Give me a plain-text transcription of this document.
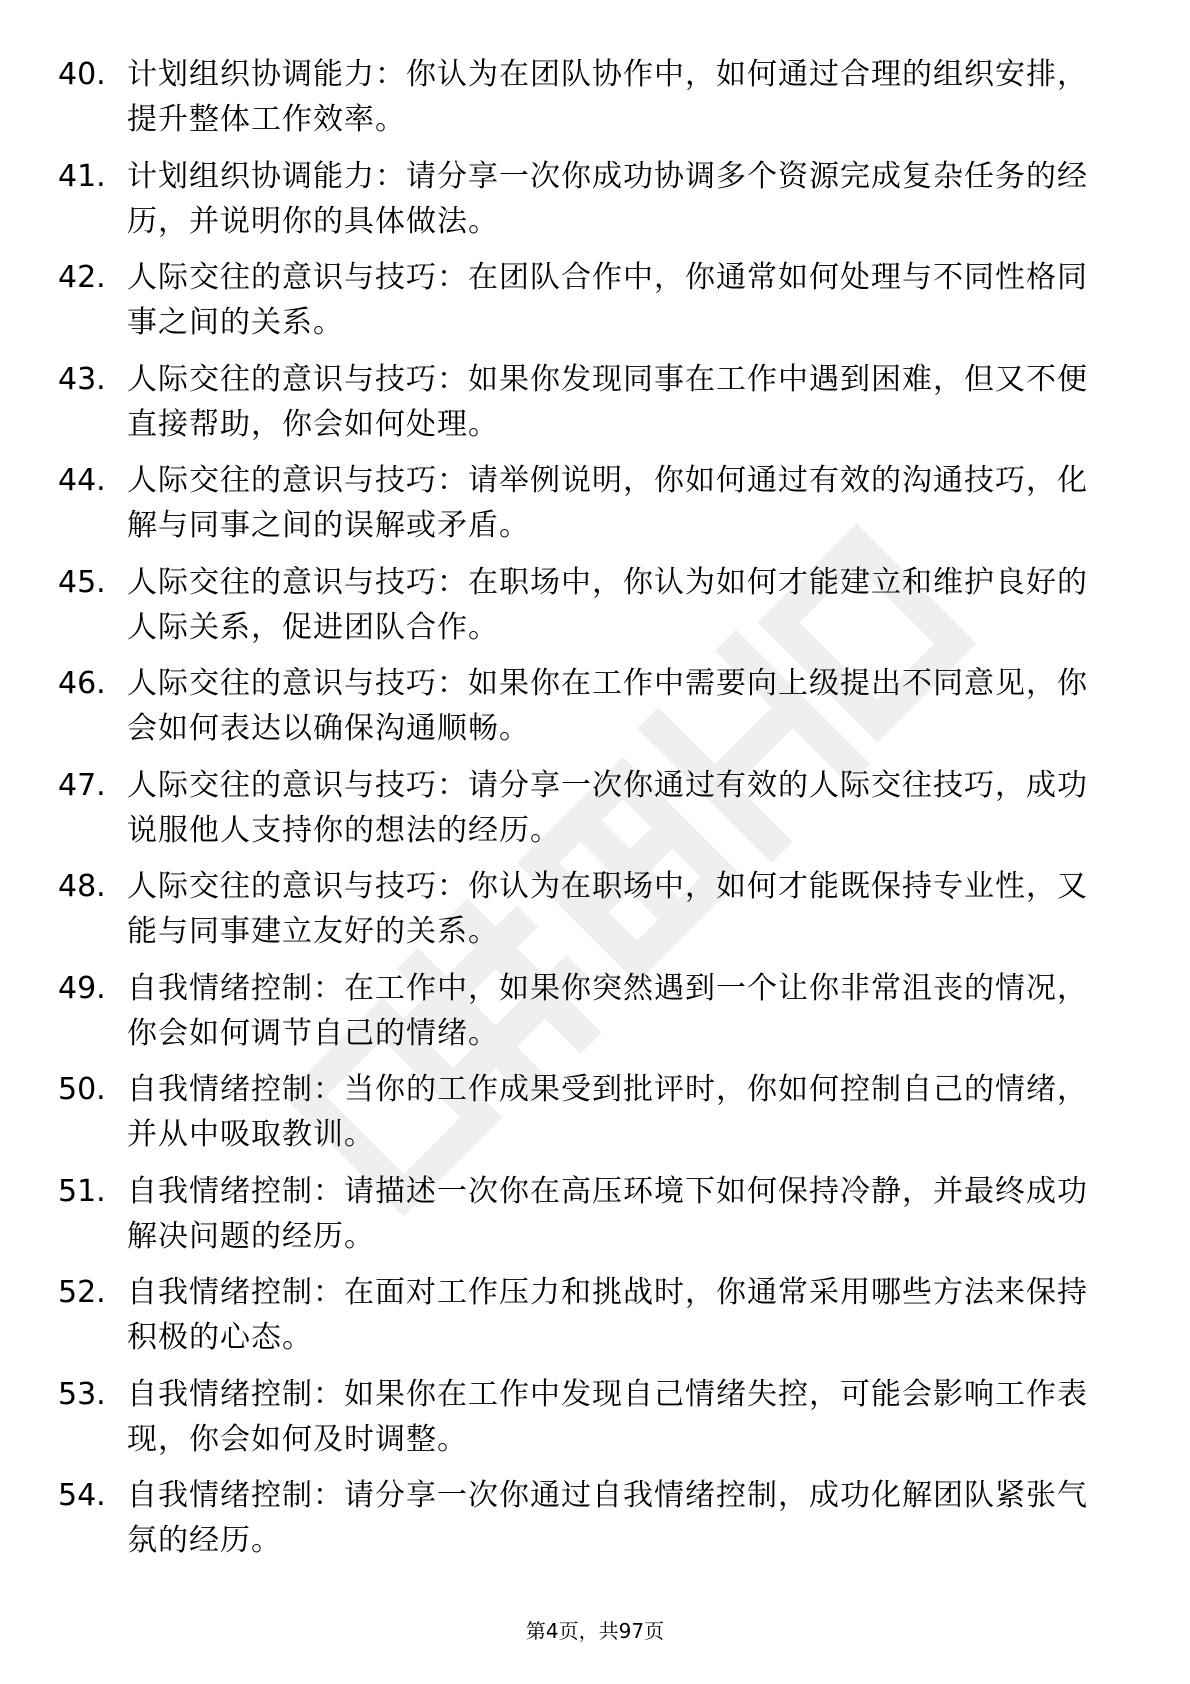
40. 计划组织协调能力：你认为在团队协作中，如何通过合理的组织安排，提升整体工作效率。
41. 计划组织协调能力：请分享一次你成功协调多个资源完成复杂任务的经历，并说明你的具体做法。
42. 人际交往的意识与技巧：在团队合作中，你通常如何处理与不同性格同事之间的关系。
43. 人际交往的意识与技巧：如果你发现同事在工作中遇到困难，但又不便直接帮助，你会如何处理。
44. 人际交往的意识与技巧：请举例说明，你如何通过有效的沟通技巧，化解与同事之间的误解或矛盾。
45. 人际交往的意识与技巧：在职场中，你认为如何才能建立和维护良好的人际关系，促进团队合作。
46. 人际交往的意识与技巧：如果你在工作中需要向上级提出不同意见，你会如何表达以确保沟通顺畅。
47. 人际交往的意识与技巧：请分享一次你通过有效的人际交往技巧，成功说服他人支持你的想法的经历。
48. 人际交往的意识与技巧：你认为在职场中，如何才能既保持专业性，又能与同事建立友好的关系。
49. 自我情绪控制：在工作中，如果你突然遇到一个让你非常沮丧的情况，你会如何调节自己的情绪。
50. 自我情绪控制：当你的工作成果受到批评时，你如何控制自己的情绪，并从中吸取教训。
51. 自我情绪控制：请描述一次你在高压环境下如何保持冷静，并最终成功解决问题的经历。
52. 自我情绪控制：在面对工作压力和挑战时，你通常采用哪些方法来保持积极的心态。
53. 自我情绪控制：如果你在工作中发现自己情绪失控，可能会影响工作表现，你会如何及时调整。
54. 自我情绪控制：请分享一次你通过自我情绪控制，成功化解团队紧张气氛的经历。
第4页，共97页
